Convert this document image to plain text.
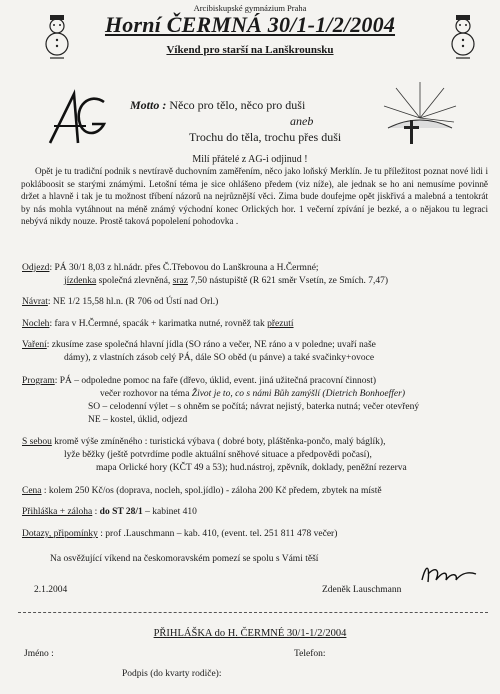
Arcibiskupské gymnázium Praha
Horní ČERMNÁ 30/1-1/2/2004
Víkend pro starší na Lanškrounsku
Motto : Něco pro tělo, něco pro duši
aneb
Trochu do těla, trochu přes duši
Milí přátelé z AG-i odjinud !
Opět je tu tradiční podnik s nevtíravě duchovním zaměřením, něco jako loňský Merklín. Je tu příležitost poznat nové lidi i pokláboosit se starými známými. Letošní téma je sice ohlášeno předem (viz níže), ale jednak se ho ani nemusíme povinně držet a hlavně i tak je tu možnost tříbení názorů na nejrůznější věci. Zima bude doufejme opět jiskřivá a malebná a tentokrát by nás mohla vytáhnout na méně známý východní konec Orlických hor. 1 večerní zpívání je bezké, a o nějakou tu legraci nebývá nikdy nouze. Prostě taková popolelení pohodovka .
Odjezd: PÁ 30/1 8,03 z hl.nádr. přes Č.Třebovou do Lanškrouna a H.Čermné;
jízdenka společná zlevněná, sraz 7,50 nástupiště (R 621 směr Vsetín, ze Smích. 7,47)
Návrat: NE 1/2 15,58 hl.n. (R 706 od Ústí nad Orl.)
Nocleh: fara v H.Čermné, spacák + karimatka nutné, rovněž tak přezutí
Vaření: zkusíme zase společná hlavní jídla (SO ráno a večer, NE ráno a v poledne; uvaří naše
dámy), z vlastních zásob celý PÁ, dále SO oběd (u pánve) a také svačinky+ovoce
Program: PÁ – odpoledne pomoc na faře (dřevo, úklid, event. jiná užitečná pracovní činnost)
večer rozhovor na téma Život je to, co s námi Bůh zamýšlí (Dietrich Bonhoeffer)
SO – celodenní výlet – s ohněm se počítá; návrat nejistý, baterka nutná; večer otevřený
NE – kostel, úklid, odjezd
S sebou kromě výše zmíněného : turistická výbava ( dobré boty, pláštěnka-pončo, malý báglík),
lyže běžky (ještě potvrdíme podle aktuální sněhové situace a předpovědi počasí),
mapa Orlické hory (KČT 49 a 53); hud.nástroj, zpěvník, doklady, peněžní rezerva
Cena : kolem 250 Kč/os (doprava, nocleh, spol.jídlo) - záloha 200 Kč předem, zbytek na místě
Přihláška + záloha : do ST 28/1 – kabinet 410
Dotazy, připomínky : prof .Lauschmann – kab. 410, (event. tel. 251 811 478 večer)
Na osvěžující víkend na českomoravském pomezí se spolu s Vámi těší
2.1.2004	Zdeněk Lauschmann
PŘIHLÁŠKA do H. ČERMNÉ 30/1-1/2/2004
Jméno :	Telefon:
Podpis (do kvarty rodiče):
